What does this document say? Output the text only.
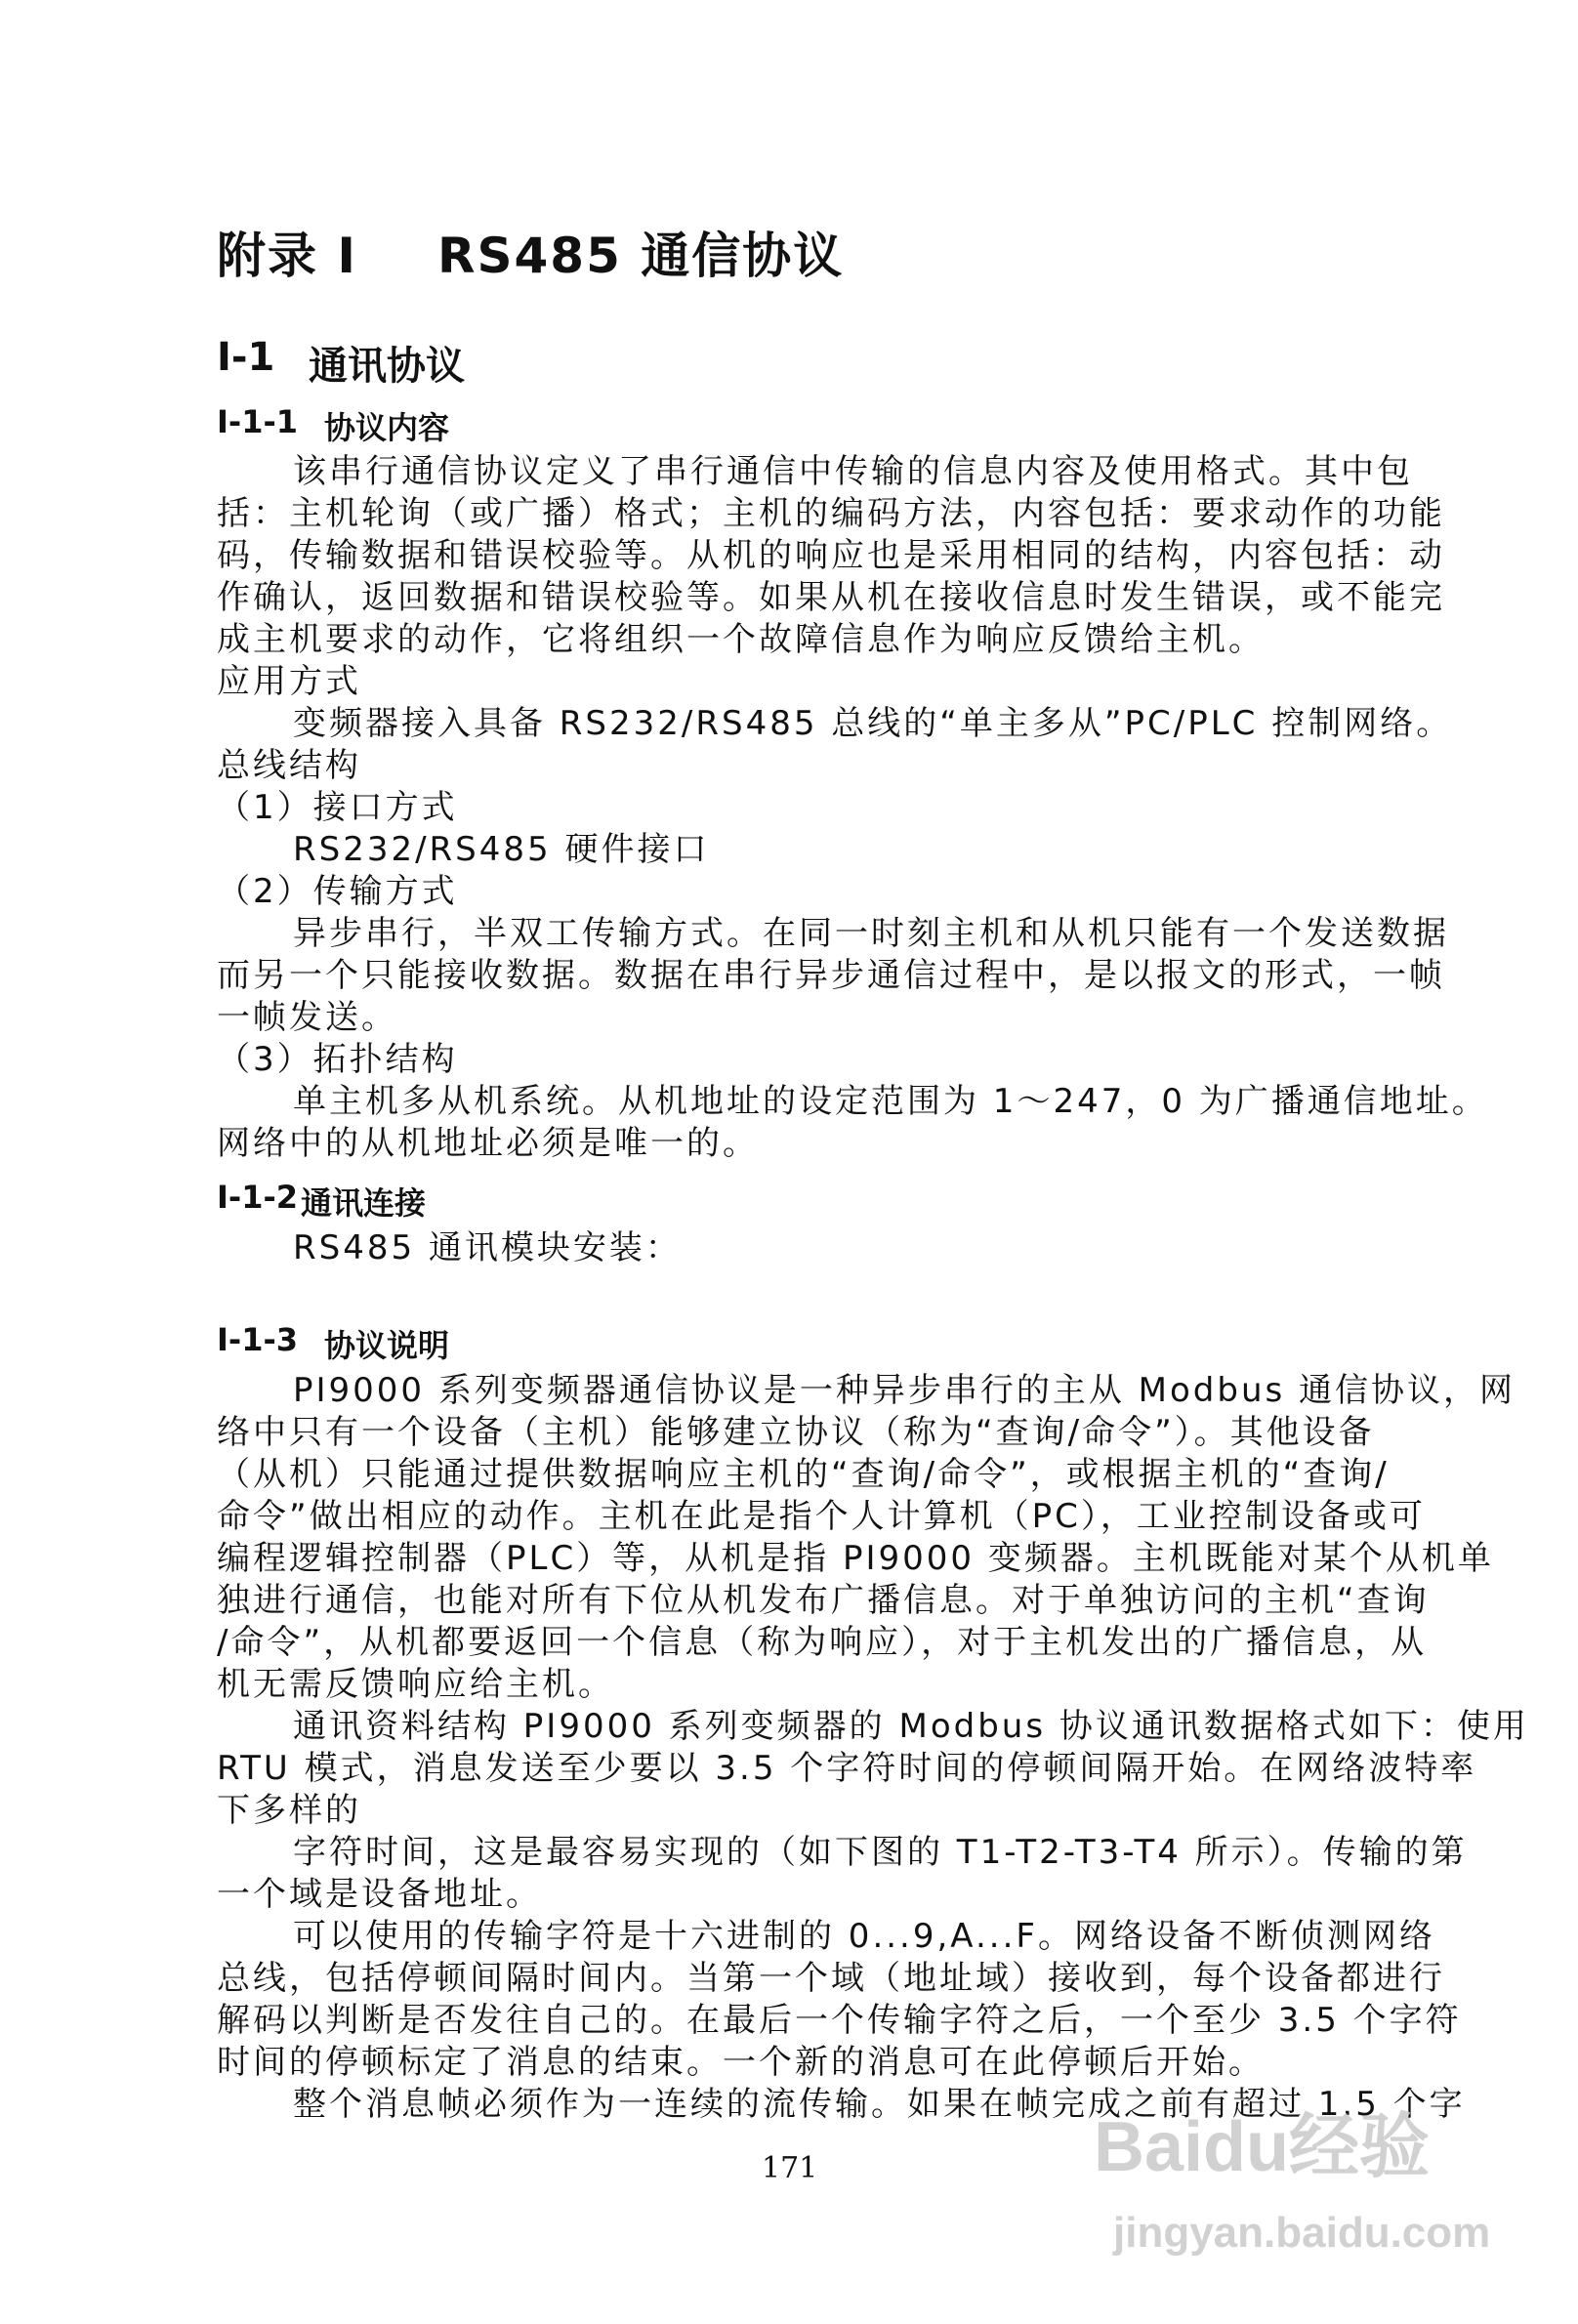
附录 I RS485 通信协议
I-1 通讯协议
I-1-1 协议内容
该串行通信协议定义了串行通信中传输的信息内容及使用格式。其中包
括：主机轮询（或广播）格式；主机的编码方法，内容包括：要求动作的功能
码，传输数据和错误校验等。从机的响应也是采用相同的结构，内容包括：动
作确认，返回数据和错误校验等。如果从机在接收信息时发生错误，或不能完
成主机要求的动作，它将组织一个故障信息作为响应反馈给主机。
应用方式
变频器接入具备 RS232/RS485 总线的“单主多从”PC/PLC 控制网络。
总线结构
（1）接口方式
RS232/RS485 硬件接口
（2）传输方式
异步串行，半双工传输方式。在同一时刻主机和从机只能有一个发送数据
而另一个只能接收数据。数据在串行异步通信过程中，是以报文的形式，一帧
一帧发送。
（3）拓扑结构
单主机多从机系统。从机地址的设定范围为 1～247，0 为广播通信地址。
网络中的从机地址必须是唯一的。
I-1-2 通讯连接
RS485 通讯模块安装：
I-1-3 协议说明
PI9000 系列变频器通信协议是一种异步串行的主从 Modbus 通信协议，网
络中只有一个设备（主机）能够建立协议（称为“查询/命令”）。其他设备
（从机）只能通过提供数据响应主机的“查询/命令”，或根据主机的“查询/
命令”做出相应的动作。主机在此是指个人计算机（PC），工业控制设备或可
编程逻辑控制器（PLC）等，从机是指 PI9000 变频器。主机既能对某个从机单
独进行通信，也能对所有下位从机发布广播信息。对于单独访问的主机“查询
/命令”，从机都要返回一个信息（称为响应），对于主机发出的广播信息，从
机无需反馈响应给主机。
通讯资料结构 PI9000 系列变频器的 Modbus 协议通讯数据格式如下：使用
RTU 模式，消息发送至少要以 3.5 个字符时间的停顿间隔开始。在网络波特率
下多样的
字符时间，这是最容易实现的（如下图的 T1-T2-T3-T4 所示）。传输的第
一个域是设备地址。
可以使用的传输字符是十六进制的 0...9,A...F。网络设备不断侦测网络
总线，包括停顿间隔时间内。当第一个域（地址域）接收到，每个设备都进行
解码以判断是否发往自己的。在最后一个传输字符之后，一个至少 3.5 个字符
时间的停顿标定了消息的结束。一个新的消息可在此停顿后开始。
整个消息帧必须作为一连续的流传输。如果在帧完成之前有超过 1.5 个字
171	Baidu经验
jingyan.baidu.com
